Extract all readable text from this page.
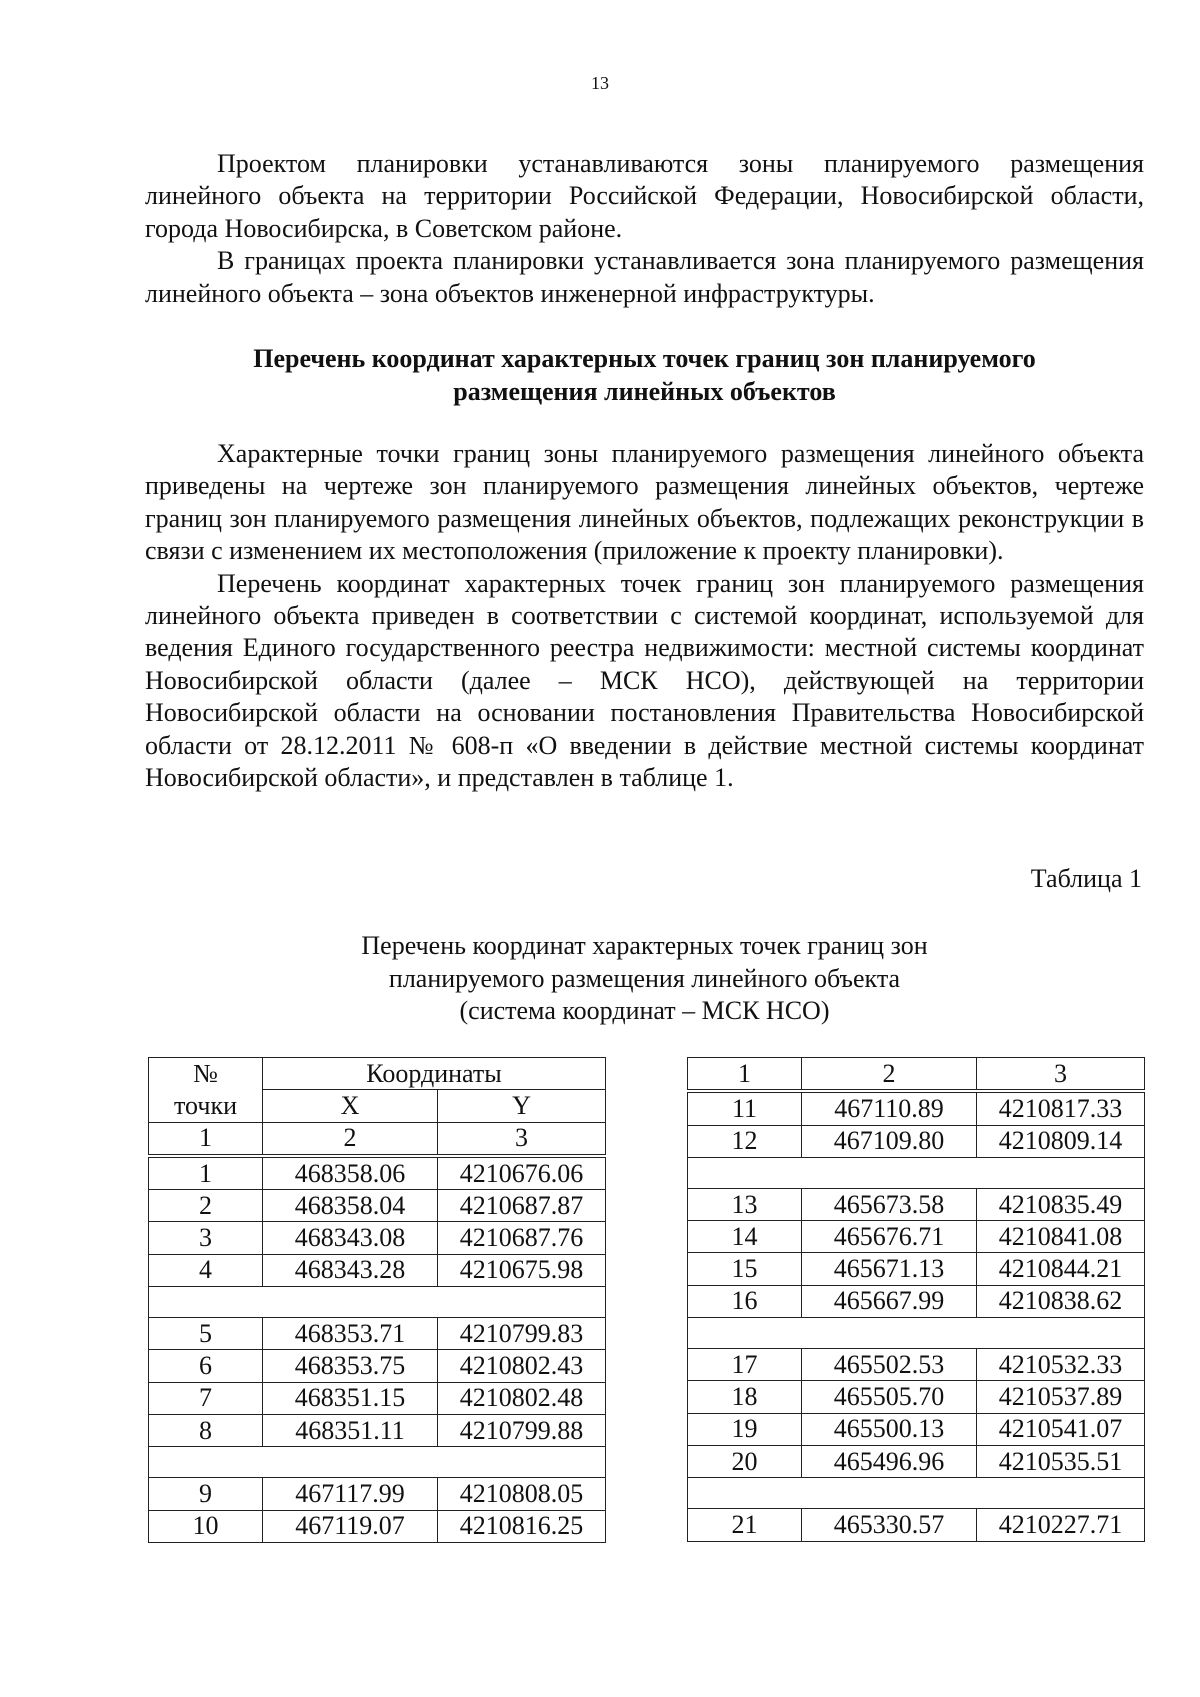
13

Проектом планировки устанавливаются зоны планируемого размещения линейного объекта на территории Российской Федерации, Новосибирской области, города Новосибирска, в Советском районе.

В границах проекта планировки устанавливается зона планируемого размещения линейного объекта – зона объектов инженерной инфраструктуры.

Перечень координат характерных точек границ зон планируемого
размещения линейных объектов

Характерные точки границ зоны планируемого размещения линейного объекта приведены на чертеже зон планируемого размещения линейных объектов, чертеже границ зон планируемого размещения линейных объектов, подлежащих реконструкции в связи с изменением их местоположения (приложение к проекту планировки).

Перечень координат характерных точек границ зон планируемого размещения линейного объекта приведен в соответствии с системой координат, используемой для ведения Единого государственного реестра недвижимости: местной системы координат Новосибирской области (далее – МСК НСО), действующей на территории Новосибирской области на основании постановления Правительства Новосибирской области от 28.12.2011 № 608-п «О введении в действие местной системы координат Новосибирской области», и представлен в таблице 1.

Таблица 1
Перечень координат характерных точек границ зон
планируемого размещения линейного объекта
(система координат – МСК НСО)
№	Координаты	
точки	X	Y
1	2	3
1	468358.06	4210676.06
2	468358.04	4210687.87
3	468343.08	4210687.76
4	468343.28	4210675.98

5	468353.71	4210799.83
6	468353.75	4210802.43
7	468351.15	4210802.48
8	468351.11	4210799.88

9	467117.99	4210808.05
10	467119.07	4210816.25
1	2	3
11	467110.89	4210817.33
12	467109.80	4210809.14

13	465673.58	4210835.49
14	465676.71	4210841.08
15	465671.13	4210844.21
16	465667.99	4210838.62

17	465502.53	4210532.33
18	465505.70	4210537.89
19	465500.13	4210541.07
20	465496.96	4210535.51

21	465330.57	4210227.71
